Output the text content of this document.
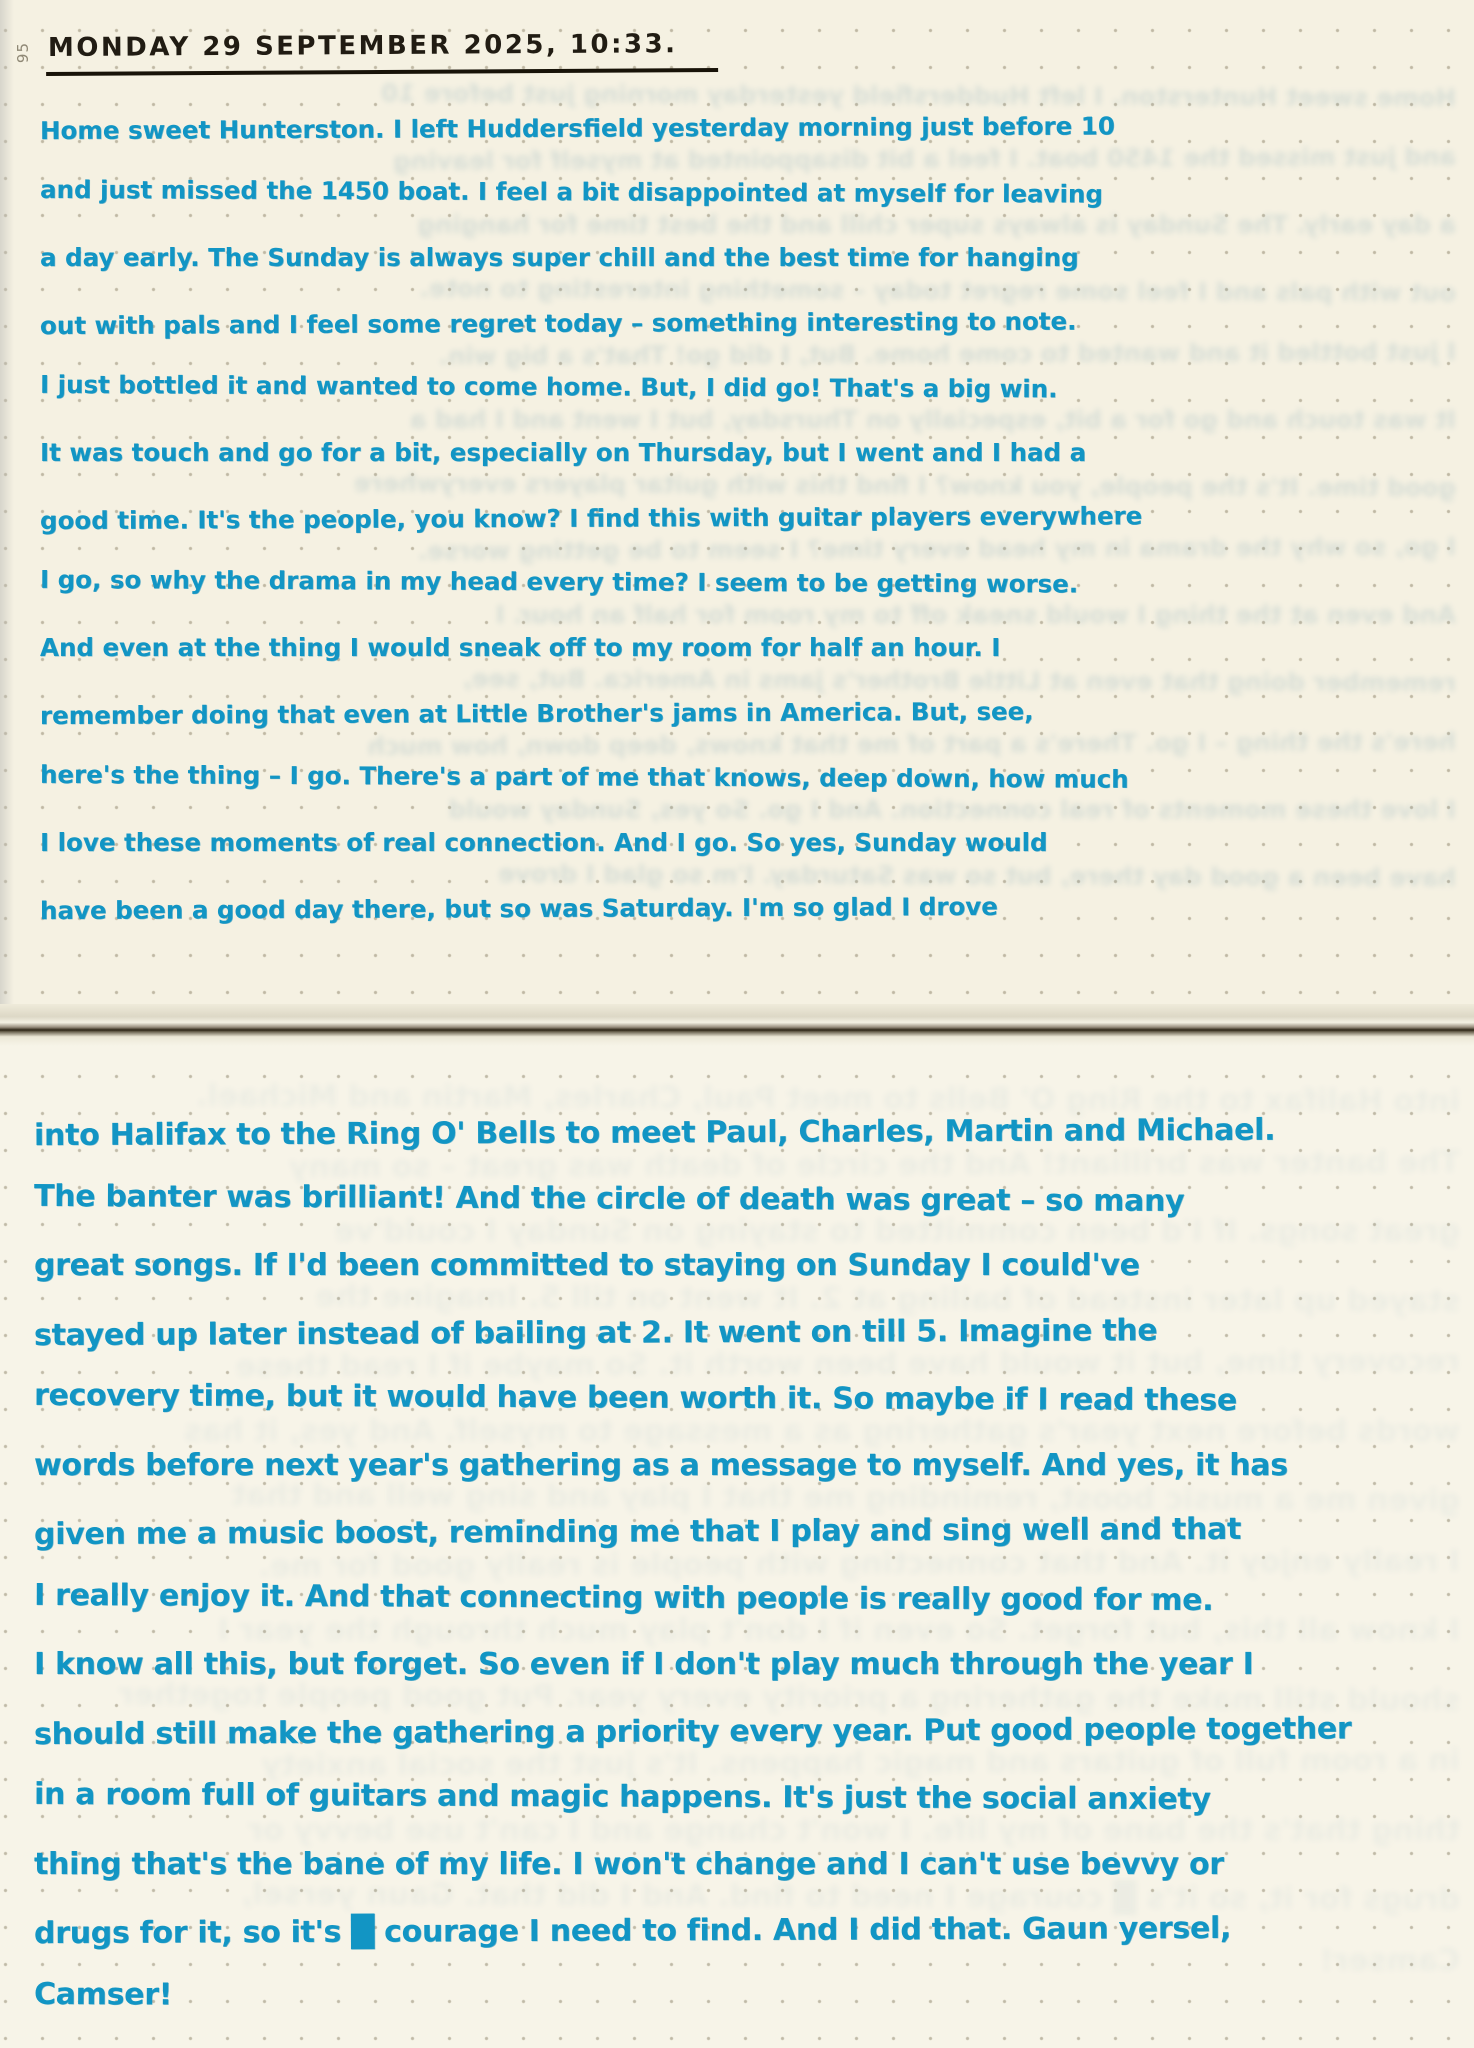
Home sweet Hunterston. I left Huddersfield yesterday morning just before 10
and just missed the 1450 boat. I feel a bit disappointed at myself for leaving
a day early. The Sunday is always super chill and the best time for hanging
out with pals and I feel some regret today – something interesting to note.
I just bottled it and wanted to come home. But, I did go! That's a big win.
It was touch and go for a bit, especially on Thursday, but I went and I had a
good time. It's the people, you know? I find this with guitar players everywhere
I go, so why the drama in my head every time? I seem to be getting worse.
And even at the thing I would sneak off to my room for half an hour. I
remember doing that even at Little Brother's jams in America. But, see,
here's the thing – I go. There's a part of me that knows, deep down, how much
I love these moments of real connection. And I go. So yes, Sunday would
have been a good day there, but so was Saturday. I'm so glad I drove
95 MONDAY 29 SEPTEMBER 2025, 10:33.
Home sweet Hunterston. I left Huddersfield yesterday morning just before 10
and just missed the 1450 boat. I feel a bit disappointed at myself for leaving
a day early. The Sunday is always super chill and the best time for hanging
out with pals and I feel some regret today – something interesting to note.
I just bottled it and wanted to come home. But, I did go! That's a big win.
It was touch and go for a bit, especially on Thursday, but I went and I had a
good time. It's the people, you know? I find this with guitar players everywhere
I go, so why the drama in my head every time? I seem to be getting worse.
And even at the thing I would sneak off to my room for half an hour. I
remember doing that even at Little Brother's jams in America. But, see,
here's the thing – I go. There's a part of me that knows, deep down, how much
I love these moments of real connection. And I go. So yes, Sunday would
have been a good day there, but so was Saturday. I'm so glad I drove
into Halifax to the Ring O' Bells to meet Paul, Charles, Martin and Michael.
The banter was brilliant! And the circle of death was great – so many
great songs. If I'd been committed to staying on Sunday I could've
stayed up later instead of bailing at 2. It went on till 5. Imagine the
recovery time, but it would have been worth it. So maybe if I read these
words before next year's gathering as a message to myself. And yes, it has
given me a music boost, reminding me that I play and sing well and that
I really enjoy it. And that connecting with people is really good for me.
I know all this, but forget. So even if I don't play much through the year I
should still make the gathering a priority every year. Put good people together
in a room full of guitars and magic happens. It's just the social anxiety
thing that's the bane of my life. I won't change and I can't use bevvy or
drugs for it, so it's █ courage I need to find. And I did that. Gaun yersel,
Camser!
into Halifax to the Ring O' Bells to meet Paul, Charles, Martin and Michael.
The banter was brilliant! And the circle of death was great – so many
great songs. If I'd been committed to staying on Sunday I could've
stayed up later instead of bailing at 2. It went on till 5. Imagine the
recovery time, but it would have been worth it. So maybe if I read these
words before next year's gathering as a message to myself. And yes, it has
given me a music boost, reminding me that I play and sing well and that
I really enjoy it. And that connecting with people is really good for me.
I know all this, but forget. So even if I don't play much through the year I
should still make the gathering a priority every year. Put good people together
in a room full of guitars and magic happens. It's just the social anxiety
thing that's the bane of my life. I won't change and I can't use bevvy or
drugs for it, so it's █ courage I need to find. And I did that. Gaun yersel,
Camser!
